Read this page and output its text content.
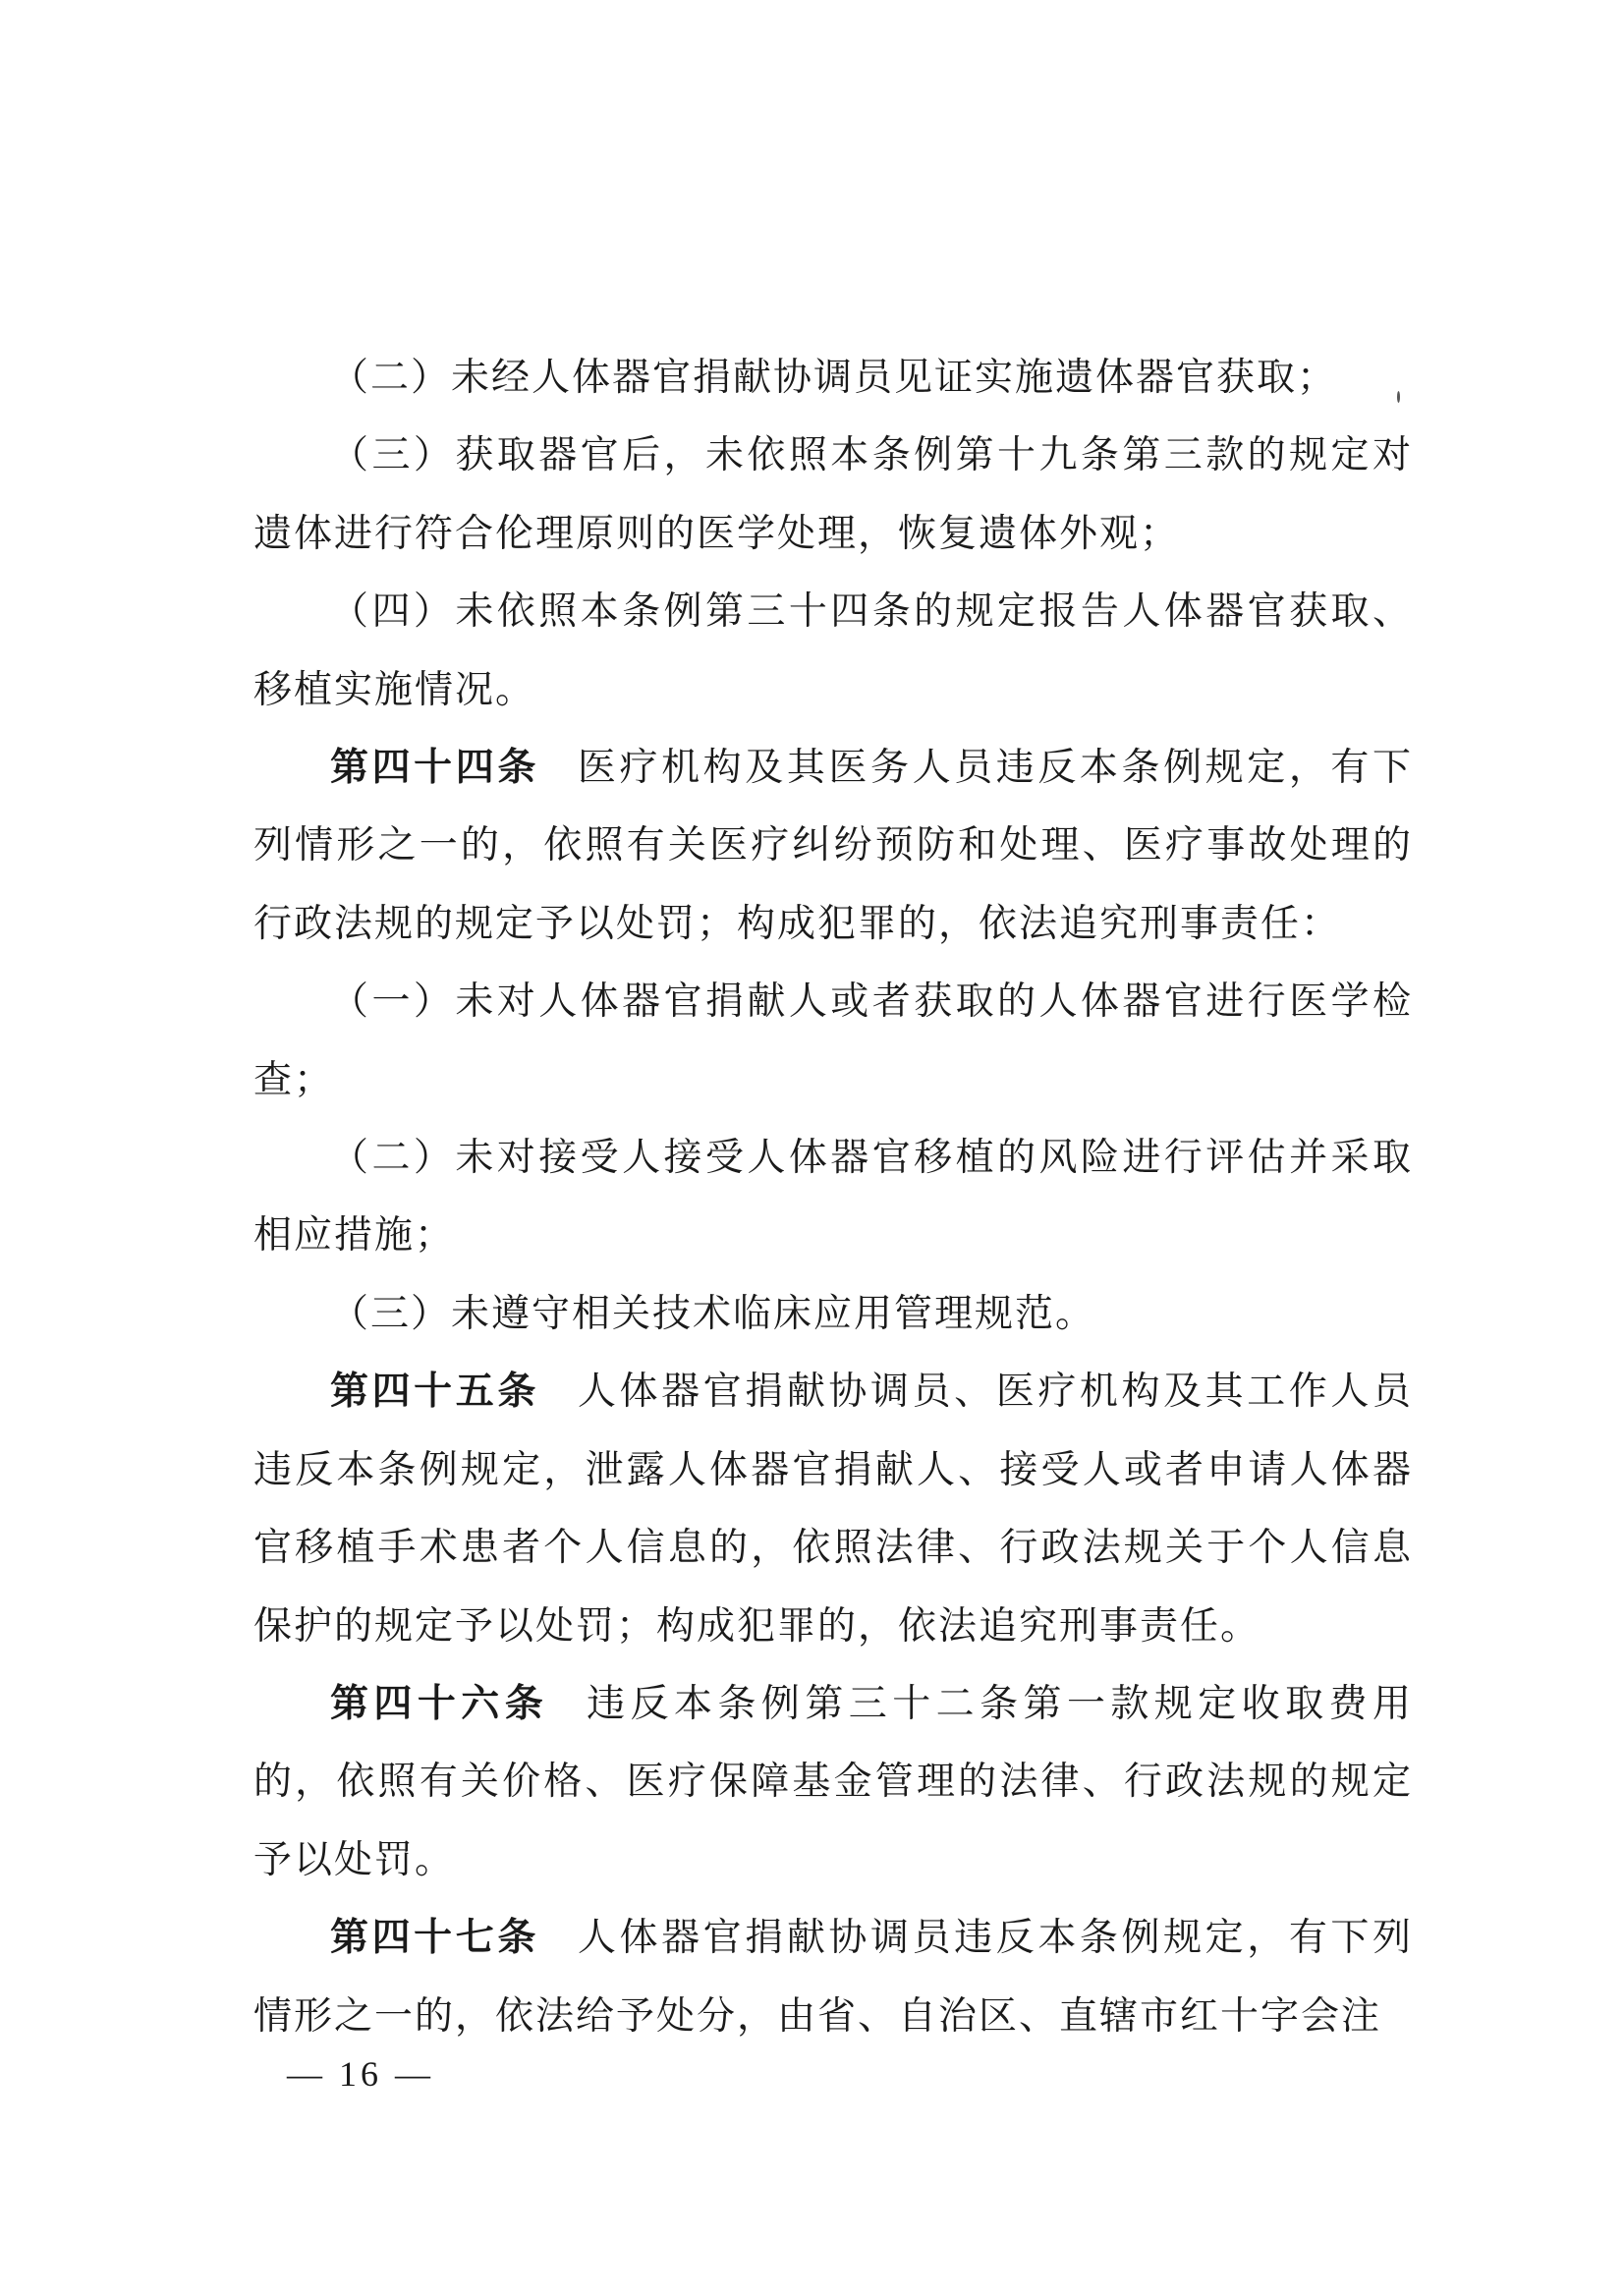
（二）未经人体器官捐献协调员见证实施遗体器官获取；

（三）获取器官后，未依照本条例第十九条第三款的规定对遗体进行符合伦理原则的医学处理，恢复遗体外观；

（四）未依照本条例第三十四条的规定报告人体器官获取、移植实施情况。

第四十四条 医疗机构及其医务人员违反本条例规定，有下列情形之一的，依照有关医疗纠纷预防和处理、医疗事故处理的行政法规的规定予以处罚；构成犯罪的，依法追究刑事责任：

（一）未对人体器官捐献人或者获取的人体器官进行医学检查；

（二）未对接受人接受人体器官移植的风险进行评估并采取相应措施；

（三）未遵守相关技术临床应用管理规范。

第四十五条 人体器官捐献协调员、医疗机构及其工作人员违反本条例规定，泄露人体器官捐献人、接受人或者申请人体器官移植手术患者个人信息的，依照法律、行政法规关于个人信息保护的规定予以处罚；构成犯罪的，依法追究刑事责任。

第四十六条 违反本条例第三十二条第一款规定收取费用的，依照有关价格、医疗保障基金管理的法律、行政法规的规定予以处罚。

第四十七条 人体器官捐献协调员违反本条例规定，有下列情形之一的，依法给予处分，由省、自治区、直辖市红十字会注

— 16 —
